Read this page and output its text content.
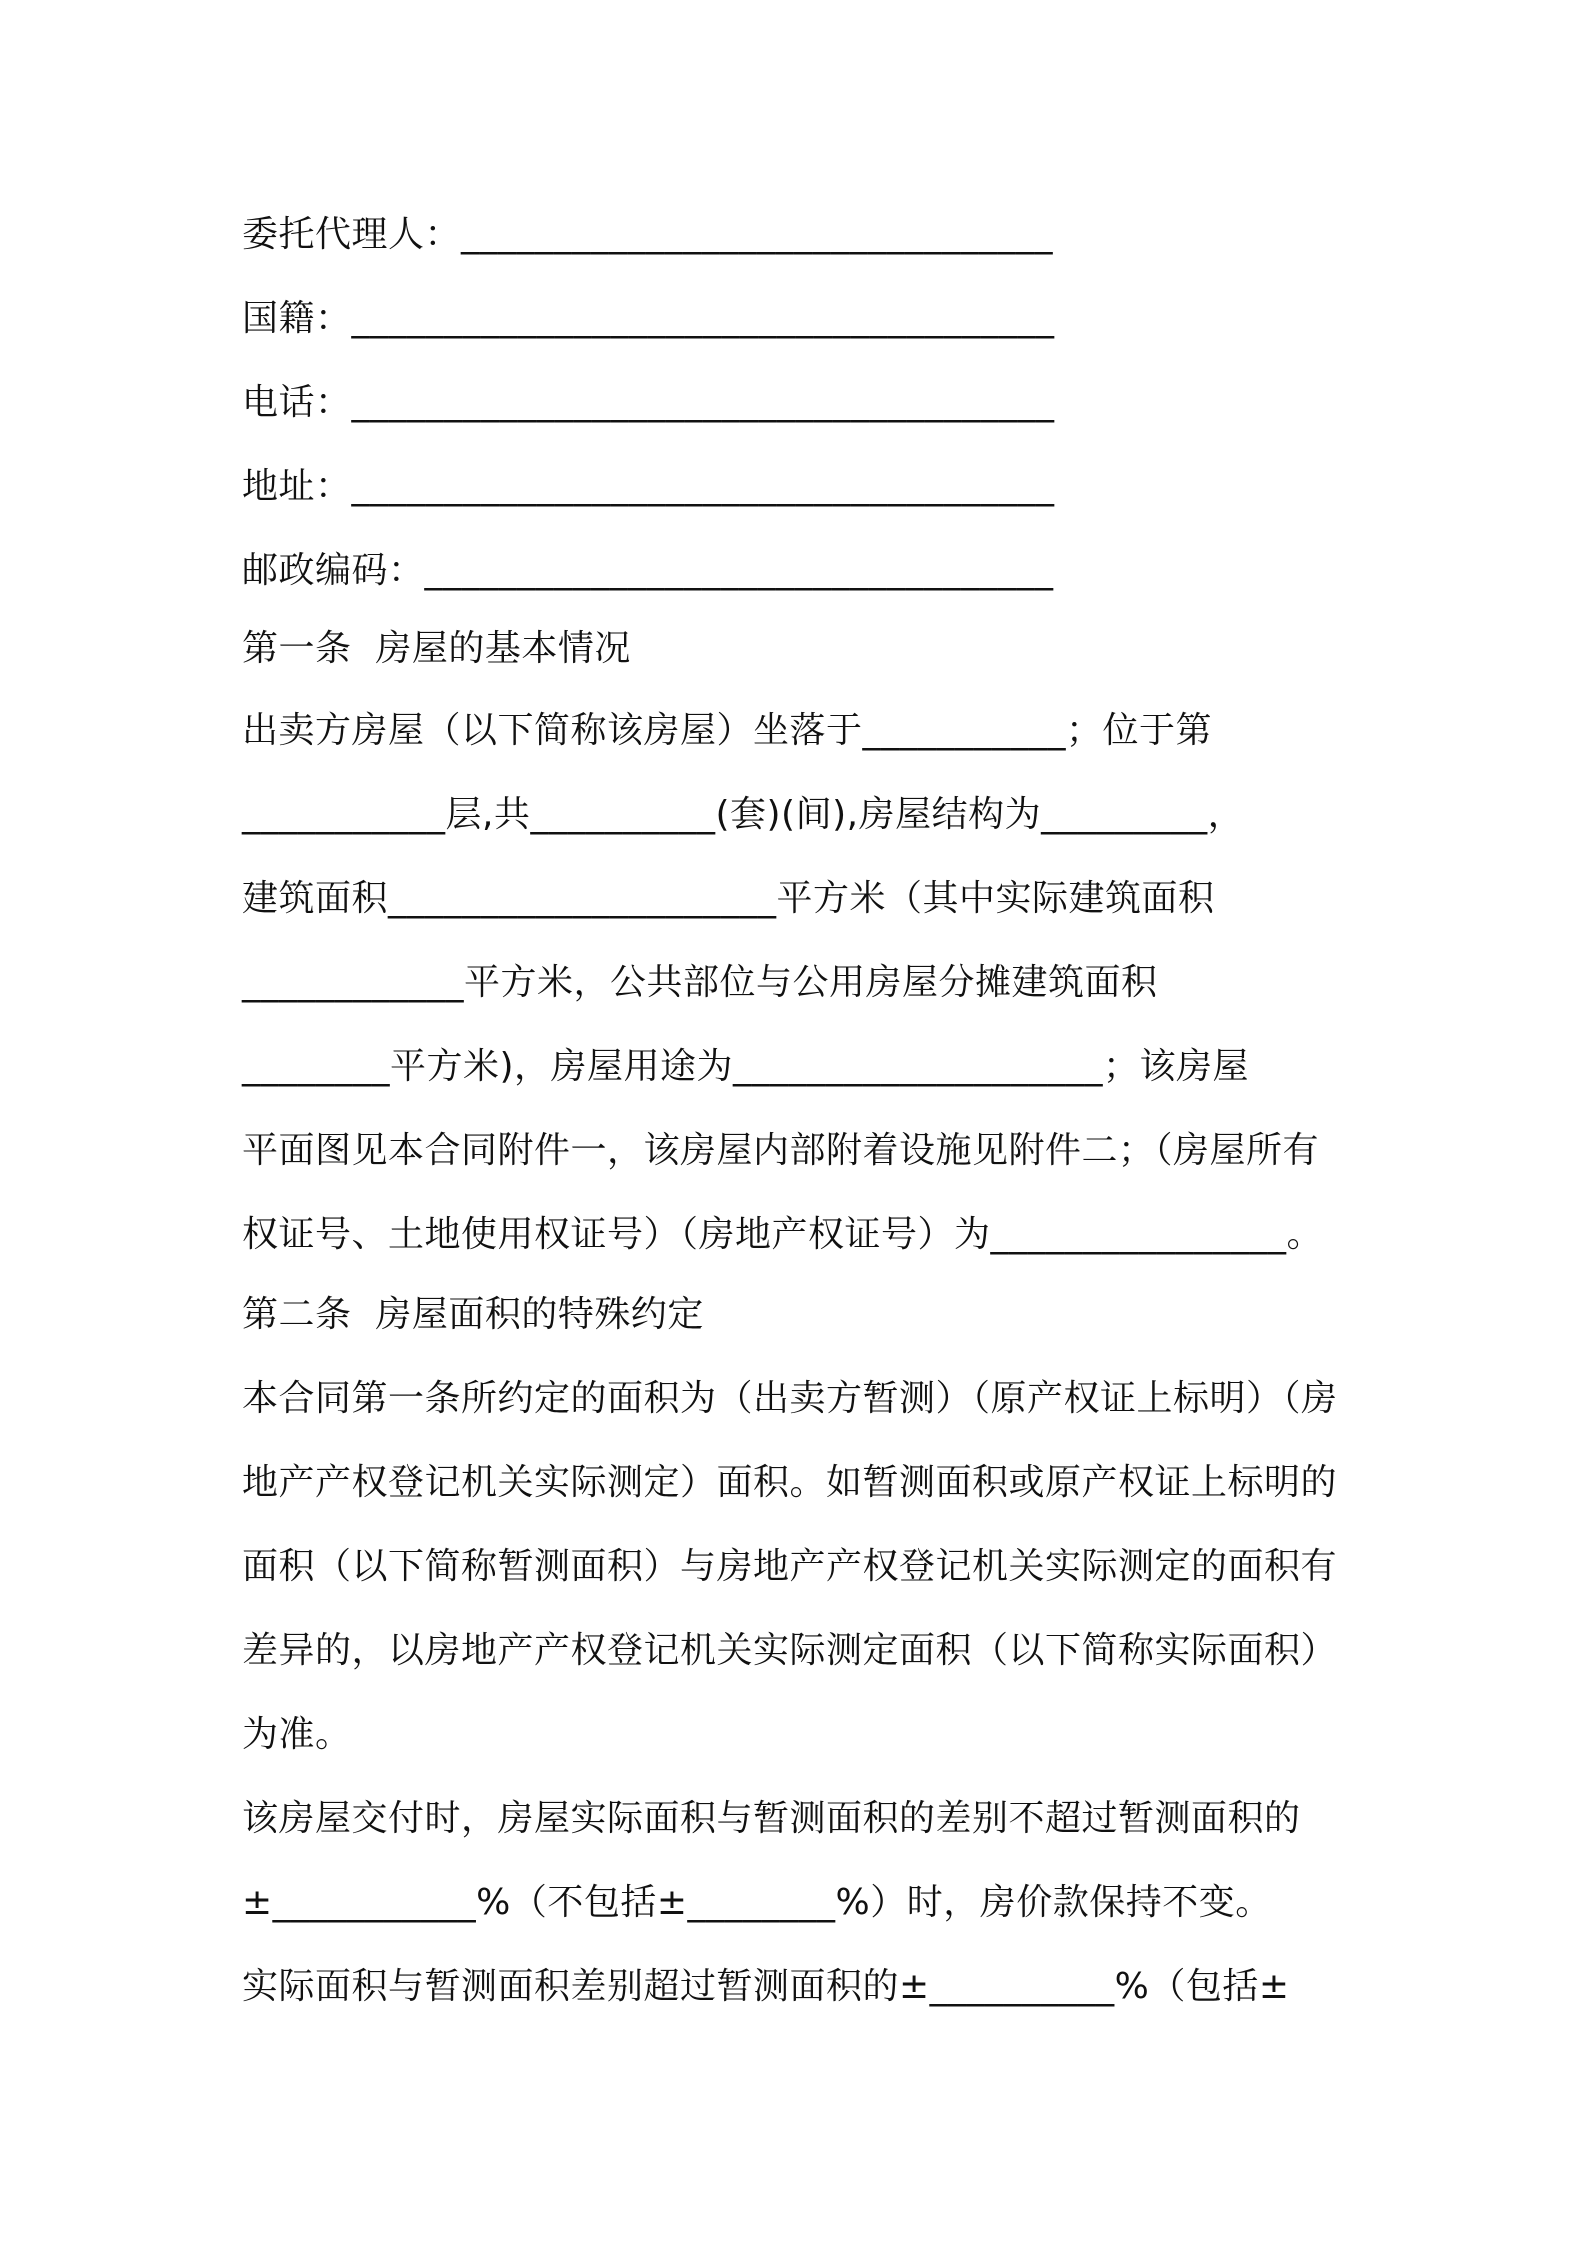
委托代理人：________________________________
国籍：______________________________________
电话：______________________________________
地址：______________________________________
邮政编码：__________________________________
第一条  房屋的基本情况
出卖方房屋（以下简称该房屋）坐落于___________；位于第
___________层,共__________(套)(间),房屋结构为_________，
建筑面积_____________________平方米（其中实际建筑面积
____________平方米，公共部位与公用房屋分摊建筑面积
________平方米)，房屋用途为____________________；该房屋
平面图见本合同附件一，该房屋内部附着设施见附件二；（房屋所有
权证号、土地使用权证号）（房地产权证号）为________________。
第二条  房屋面积的特殊约定
本合同第一条所约定的面积为（出卖方暂测）（原产权证上标明）（房
地产产权登记机关实际测定）面积。如暂测面积或原产权证上标明的
面积（以下简称暂测面积）与房地产产权登记机关实际测定的面积有
差异的，以房地产产权登记机关实际测定面积（以下简称实际面积）
为准。
该房屋交付时，房屋实际面积与暂测面积的差别不超过暂测面积的
±___________%（不包括±________%）时，房价款保持不变。
实际面积与暂测面积差别超过暂测面积的±__________%（包括±
